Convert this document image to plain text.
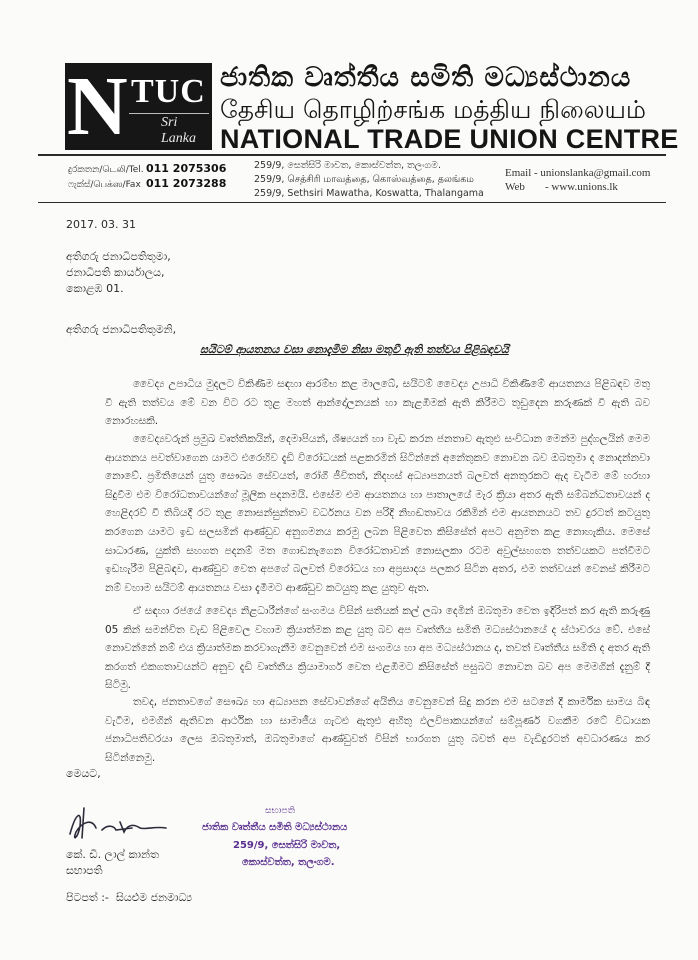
N TUC
Sri Lanka
ජාතික වෘත්තීය සමිති මධ්‍යස්ථානය
தேசிய தொழிற்சங்க மத்திய நிலையம்
NATIONAL TRADE UNION CENTRE
දුරකතන/டெலி/Tel. 011 2075306
ෆැක්ස්/பெக்ஸ/Fax 011 2073288
259/9, සෙත්සිරි මාවත, කොස්වත්ත, තලංගම.
259/9, செத்சிரி மாவத்தை, கொஸ்வத்தை, தலங்கம
259/9, Sethsiri Mawatha, Koswatta, Thalangama
Email - unionslanka@gmail.com
Web - www.unions.lk
2017. 03. 31
අතිගරු ජනාධිපතිතුමා,
ජනාධිපති කාර්යාලය,
කොළඹ 01.
අතිගරු ජනාධිපතිතුමනි,
සයිටම් ආයතනය වසා නොදැමීම නිසා මතුවී ඇති තත්වය පිළිබඳවයි
වෛද්‍ය උපාධිය මුදලට විකිණීම සඳහා ආරම්භ කළ මාලබේ, සයිටම් වෛද්‍ය උපාධි විකිණීමේ ආයතනය පිළිබඳව මතු වී ඇති තත්වය මේ වන විට රට තුළ මහත් ආන්දෝලනයක් හා කැළඹීමක් ඇති කිරීමට තුඩුදෙන කරුණක් වී ඇති බව නොරහසකි.
වෛද්‍යවරුන් ප්‍රමුඛ වෘත්තිකයින්, දෙමාපියන්, ශිෂ්‍යයන් හා වැඩ කරන ජනතාව ඇතුළු සංවිධාන මෙන්ම පුද්ගලයින් මෙම ආයතනය පවත්වාගෙන යාමට එරෙහිව දැඩි විරෝධයක් පළකරමින් සිටින්නේ අනේතුකව නොවන බව ඔබතුමා ද නොදන්නවා නොවේ. ප්‍රමිතියෙන් යුතු සෞඛ්‍ය සේවයත්, රෝගී ජීවිතත්, නිදහස් අධ්‍යාපනයත් බලවත් අනතුරකට ඇද වැටීම මේ හරහා සිදුවීම එම විරෝධතාවයන්ගේ මූලික පදනමයි. එසේම එම ආයතනය හා පාතාලයේ මැර ක්‍රියා අතර ඇති සම්බන්ධතාවයන් ද හෙළිදරව් වී තිබියදී රට තුළ නොසන්සුන්තාව වර්ධනය වන පරිදි නිහඬතාවය රකිමින් එම ආයතනයට තව දුරටත් කටයුතු කරගෙන යාමට ඉඩ සලසමින් ආණ්ඩුව අනුගමනය කරමු ලබන පිළිවෙත කිසිසේත් අපට අනුමත කළ නොහැකිය. මෙසේ සාධාරණ, යුක්ති සහගත පදනම් මත ගොඩනැගෙන විරෝධතාවන් නොසලකා රටම අවුල්සහගත තත්වයකට පත්වීමට ඉඩහැරීම පිළිබඳව, ආණ්ඩුව වෙත අපගේ බලවත් විරෝධය හා අප්‍රසාදය පලකර සිටින අතර, එම තත්වයන් වෙනස් කිරීමට නම් වහාම සයිටම් ආයතනය වසා දැමීමට ආණ්ඩුව කටයුතු කළ යුතුව ඇත.
ඒ සඳහා රජයේ වෛද්‍ය නිළධාරීන්ගේ සංගමය විසින් සතියක් කල් ලබා දෙමින් ඔබතුමා වෙත ඉදිරිපත් කර ඇති කරුණු 05 කින් සමන්විත වැඩ පිළිවෙල වහාම ක්‍රියාත්මක කළ යුතු බව අප වෘත්තීය සමිති මධ්‍යස්ථානයේ ද ස්ථාවරය වේ. එසේ නොවන්නේ නම් එය ක්‍රියාත්මක කරවාගැනීම වෙනුවෙන් එම සංගමය හා අප මධ්‍යස්ථානය ද, තවත් වෘත්තීය සමිති ද අතර ඇති කරගත් එකගතාවයන්ට අනුව දැඩි වෘත්තීය ක්‍රියාමාර්ග වෙත එළඹීමට කිසිසේත් පසුබට නොවන බව අප මෙමගින් දැනුම් දී සිටිමු.
තවද, ජනතාවගේ සෞඛ්‍ය හා අධ්‍යාපන සේවාවන්ගේ අයිතිය වෙනුවෙන් සිදු කරන එම සටනේ දී කාර්මික සාමය බිඳ වැටීම, එමගින් ඇතිවන ආර්ථික හා සාමාජීය ගැටළු ඇතුළු අහිතු ඵලවිපාකයන්ගේ සම්පූර්ණ වගකීම රටේ විධායක ජනාධිපතිවරයා ලෙස ඔබතුමාත්, ඔබතුමාගේ ආණ්ඩුවත් විසින් භාරගත යුතු බවත් අප වැඩිදුරටත් අවධාරණය කර සිටින්නෙමු.
මෙයට,
කේ. ඩී. ලාල් කාන්ත
සභාපති
සභාපති
ජාතික වෘත්තීය සමිති මධ්‍යස්ථානය
259/9, සෙත්සිරි මාවත,
කොස්වත්ත, තලංගම.
පිටපත් :- සියළුම ජනමාධ්‍ය
